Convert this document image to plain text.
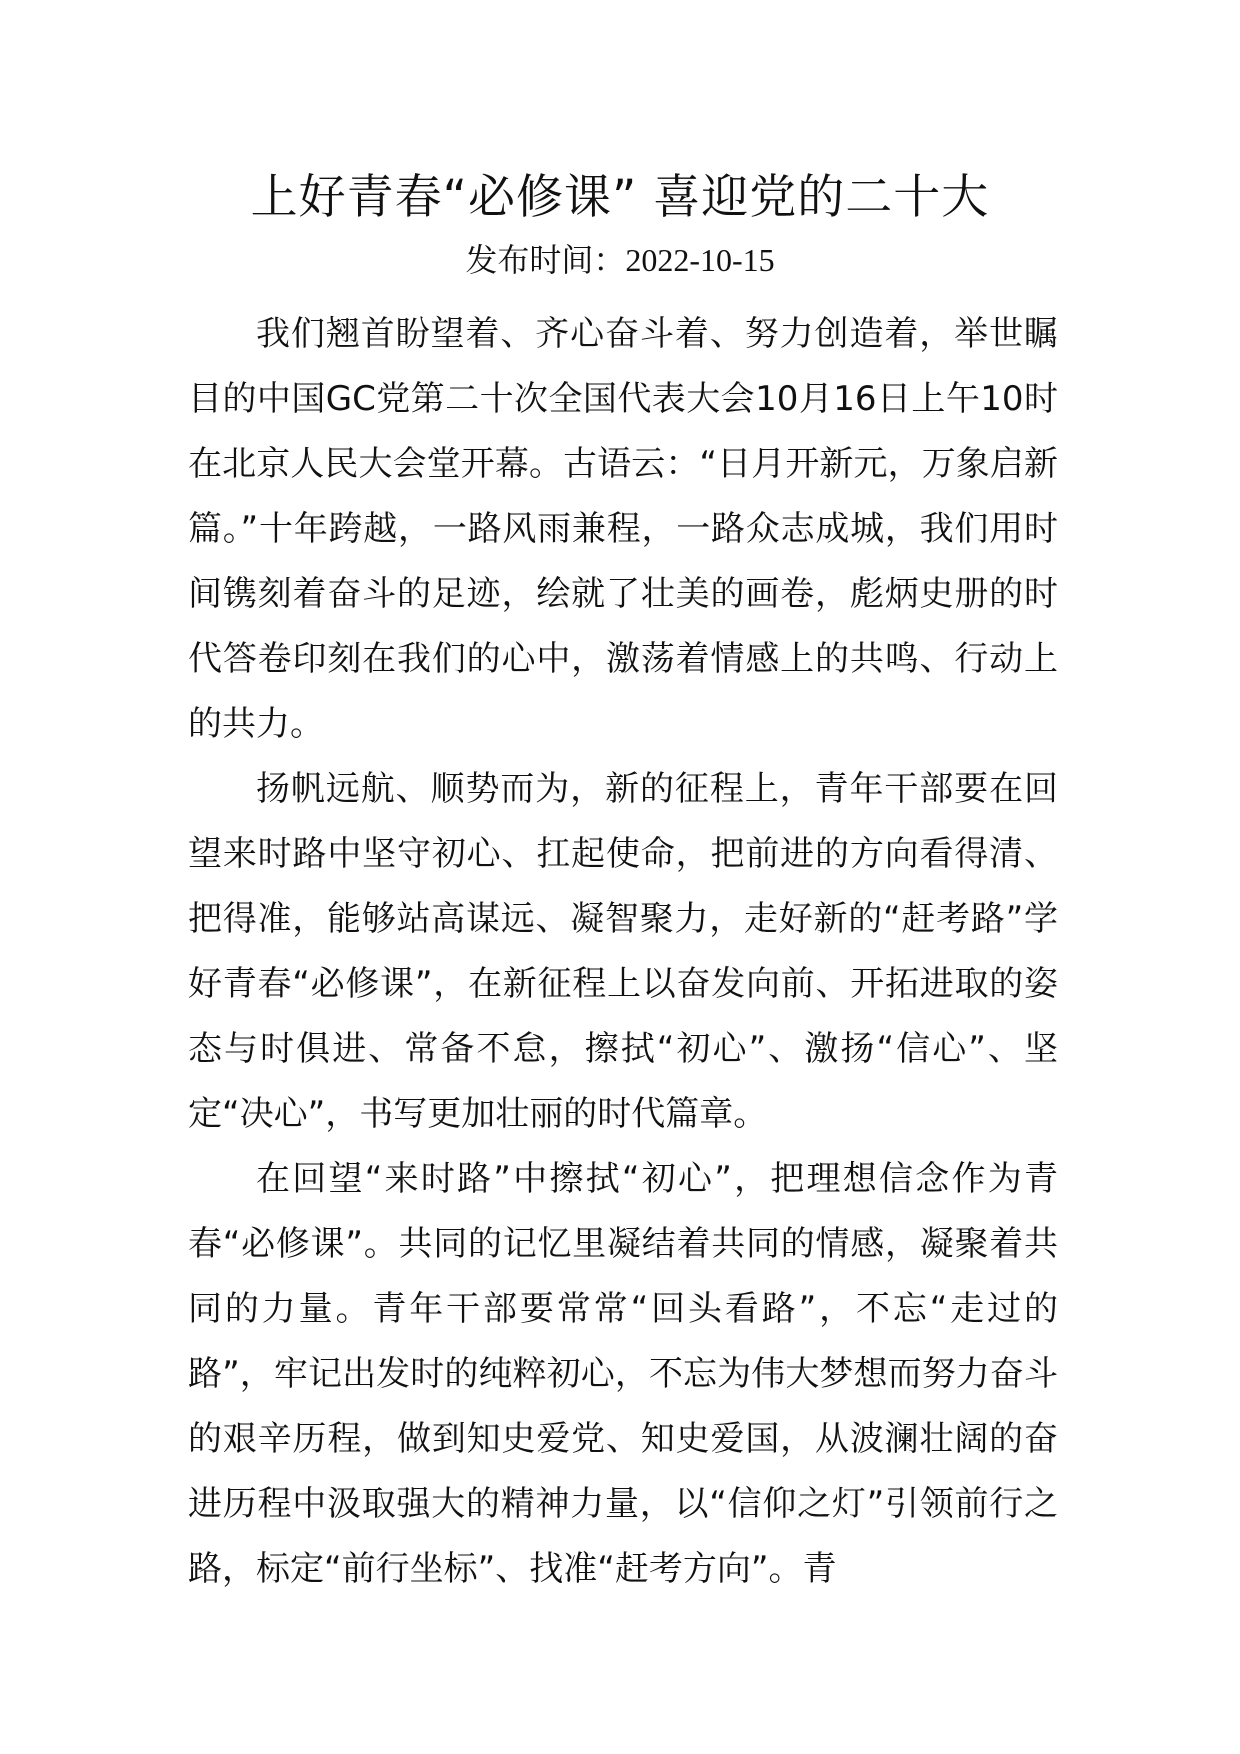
上好青春“必修课” 喜迎党的二十大
发布时间：2022-10-15

我们翘首盼望着、齐心奋斗着、努力创造着，举世瞩目的中国GC党第二十次全国代表大会10月16日上午10时在北京人民大会堂开幕。古语云：“日月开新元，万象启新篇。”十年跨越，一路风雨兼程，一路众志成城，我们用时间镌刻着奋斗的足迹，绘就了壮美的画卷，彪炳史册的时代答卷印刻在我们的心中，激荡着情感上的共鸣、行动上的共力。

扬帆远航、顺势而为，新的征程上，青年干部要在回望来时路中坚守初心、扛起使命，把前进的方向看得清、把得准，能够站高谋远、凝智聚力，走好新的“赶考路”学好青春“必修课”，在新征程上以奋发向前、开拓进取的姿态与时俱进、常备不怠，擦拭“初心”、激扬“信心”、坚定“决心”，书写更加壮丽的时代篇章。

在回望“来时路”中擦拭“初心”，把理想信念作为青春“必修课”。共同的记忆里凝结着共同的情感，凝聚着共同的力量。青年干部要常常“回头看路”，不忘“走过的路”，牢记出发时的纯粹初心，不忘为伟大梦想而努力奋斗的艰辛历程，做到知史爱党、知史爱国，从波澜壮阔的奋进历程中汲取强大的精神力量，以“信仰之灯”引领前行之路，标定“前行坐标”、找准“赶考方向”。青
